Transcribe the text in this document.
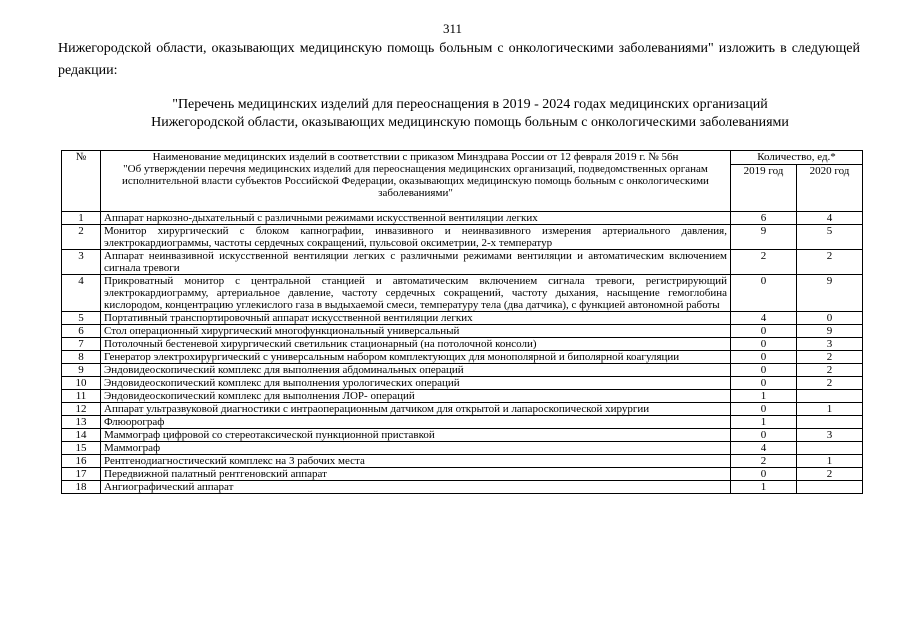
311
Нижегородской области, оказывающих медицинскую помощь больным с онкологическими заболеваниями" изложить в следующей редакции:
"Перечень медицинских изделий для переоснащения в 2019 - 2024 годах медицинских организаций
Нижегородской области, оказывающих медицинскую помощь больным с онкологическими заболеваниями
№	Наименование медицинских изделий в соответствии с приказом Минздрава России от 12 февраля 2019 г. № 56н
"Об утверждении перечня медицинских изделий для переоснащения медицинских организаций, подведомственных органам исполнительной власти субъектов Российской Федерации, оказывающих медицинскую помощь больным с онкологическими заболеваниями"	Количество, ед.*	
		2019 год	2020 год
1	Аппарат наркозно-дыхательный с различными режимами искусственной вентиляции легких	6	4
2	Монитор хирургический с блоком капнографии, инвазивного и неинвазивного измерения артериального давления, электрокардиограммы, частоты сердечных сокращений, пульсовой оксиметрии, 2-х температур	9	5
3	Аппарат неинвазивной искусственной вентиляции легких с различными режимами вентиляции и автоматическим включением сигнала тревоги	2	2
4	Прикроватный монитор с центральной станцией и автоматическим включением сигнала тревоги, регистрирующий электрокардиограмму, артериальное давление, частоту сердечных сокращений, частоту дыхания, насыщение гемоглобина кислородом, концентрацию углекислого газа в выдыхаемой смеси, температуру тела (два датчика), с функцией автономной работы	0	9
5	Портативный транспортировочный аппарат искусственной вентиляции легких	4	0
6	Стол операционный хирургический многофункциональный универсальный	0	9
7	Потолочный бестеневой хирургический светильник стационарный (на потолочной консоли)	0	3
8	Генератор электрохирургический с универсальным набором комплектующих для монополярной и биполярной коагуляции	0	2
9	Эндовидеоскопический комплекс для выполнения абдоминальных операций	0	2
10	Эндовидеоскопический комплекс для выполнения урологических операций	0	2
11	Эндовидеоскопический комплекс для выполнения ЛОР- операций	1	
12	Аппарат ультразвуковой диагностики с интраоперационным датчиком для открытой и лапароскопической хирургии	0	1
13	Флюорограф	1	
14	Маммограф цифровой со стереотаксической пункционной приставкой	0	3
15	Маммограф	4	
16	Рентгенодиагностический комплекс на 3 рабочих места	2	1
17	Передвижной палатный рентгеновский аппарат	0	2
18	Ангиографический аппарат	1	
